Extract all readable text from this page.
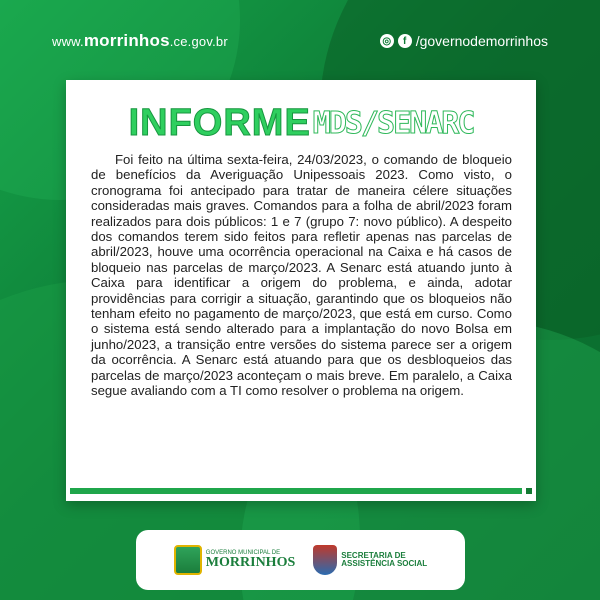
www.morrinhos.ce.gov.br	◎	f /governodemorrinhos
INFORMEMDS/SENARC
Foi feito na última sexta-feira, 24/03/2023, o comando de bloqueio de benefícios da Averiguação Unipessoais 2023. Como visto, o cronograma foi antecipado para tratar de maneira célere situações consideradas mais graves. Comandos para a folha de abril/2023 foram realizados para dois públicos: 1 e 7 (grupo 7: novo público). A despeito dos comandos terem sido feitos para refletir apenas nas parcelas de abril/2023, houve uma ocorrência operacional na Caixa e há casos de bloqueio nas parcelas de março/2023. A Senarc está atuando junto à Caixa para identificar a origem do problema, e ainda, adotar providências para corrigir a situação, garantindo que os bloqueios não tenham efeito no pagamento de março/2023, que está em curso. Como o sistema está sendo alterado para a implantação do novo Bolsa em junho/2023, a transição entre versões do sistema parece ser a origem da ocorrência. A Senarc está atuando para que os desbloqueios das parcelas de março/2023 aconteçam o mais breve. Em paralelo, a Caixa segue avaliando com a TI como resolver o problema na origem.
GOVERNO MUNICIPAL DE
MORRINHOS	SECRETARIA DE
ASSISTÊNCIA SOCIAL
